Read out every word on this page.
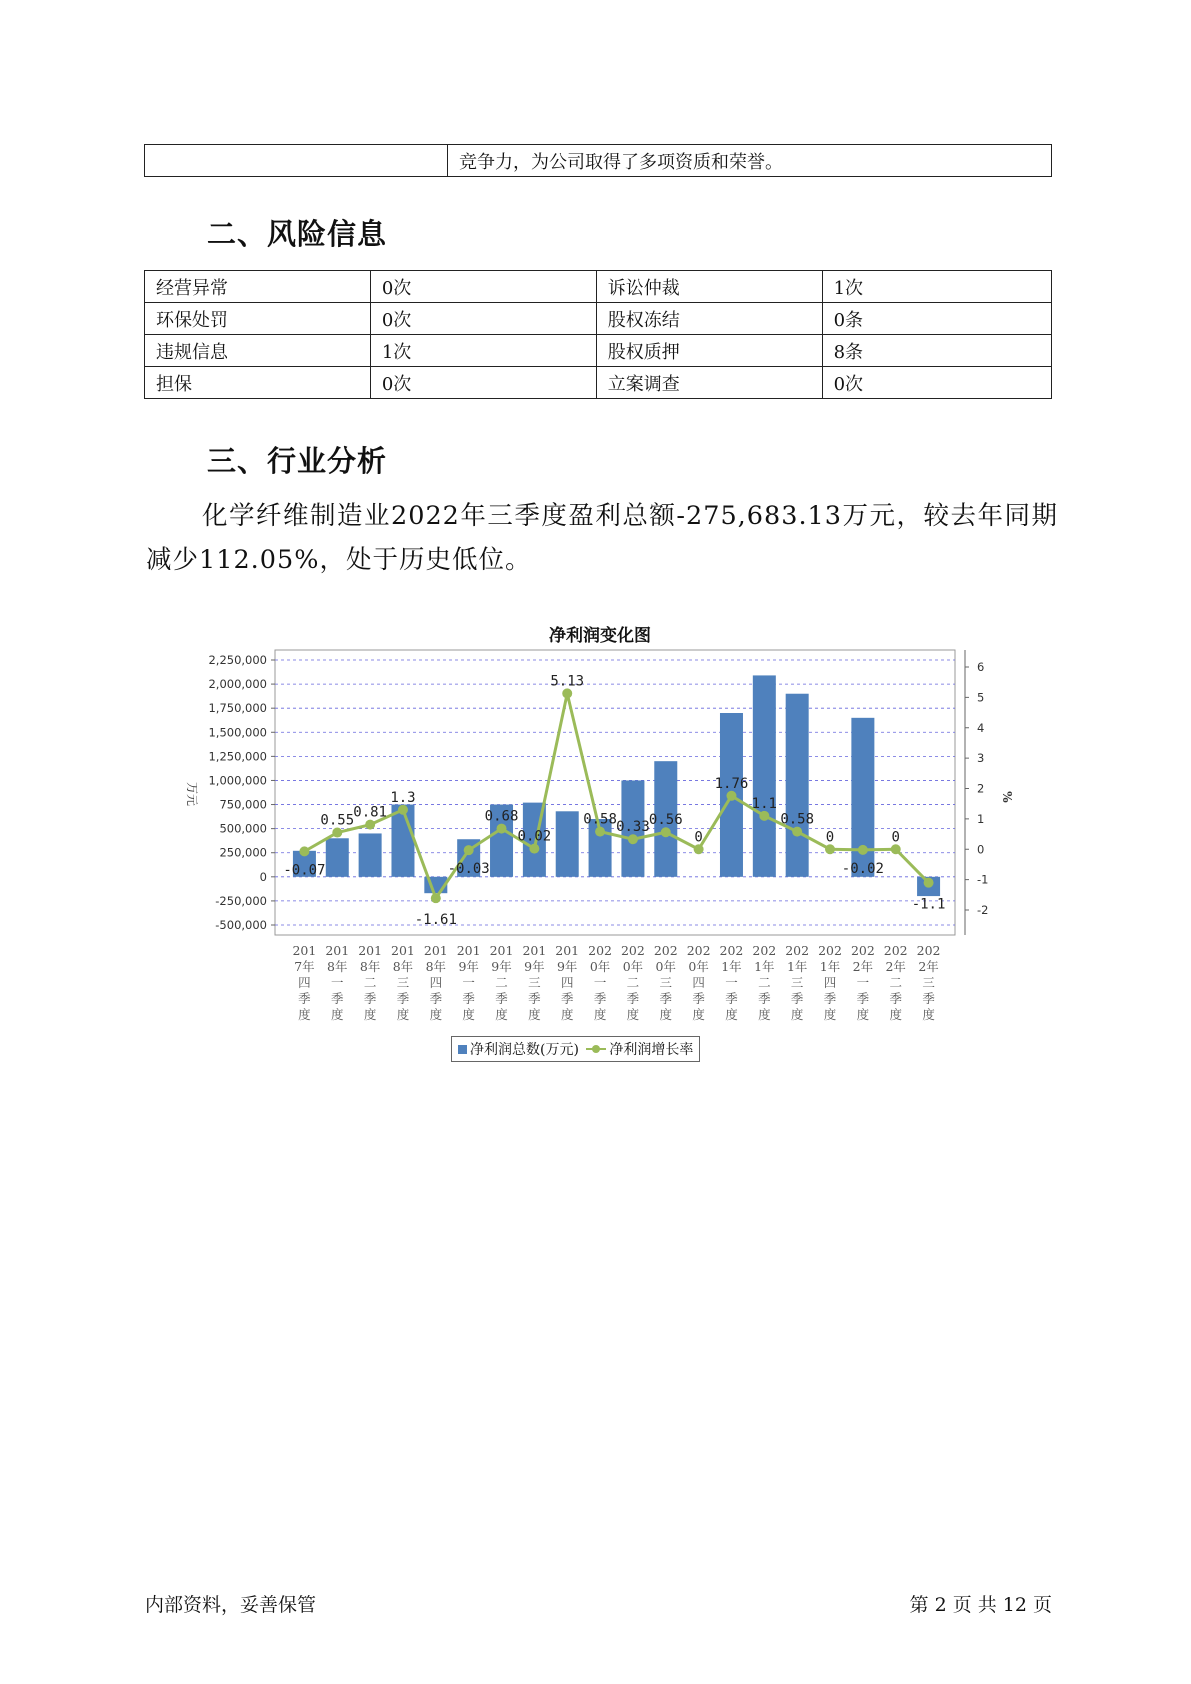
	竞争力，为公司取得了多项资质和荣誉。
二、风险信息
经营异常	0次	诉讼仲裁	1次
环保处罚	0次	股权冻结	0条
违规信息	1次	股权质押	8条
担保	0次	立案调查	0次
三、行业分析
化学纤维制造业2022年三季度盈利总额-275,683.13万元，较去年同期减少112.05%，处于历史低位。
净利润变化图
2,250,000
2,000,000
1,750,000
1,500,000
1,250,000
1,000,000
750,000
500,000
250,000
0
-250,000
-500,000
6
5
4
3
2
1
0
-1
-2
万元	%
-0.07
0.55 0.81
1.3
-1.61
-0.03
0.68
0.02
5.13
0.58 0.33 0.56
0
1.76
1.1
0.58
0
-0.02
0
-1.1
201
7年
四
季
度
201
8年
一
季
度
201
8年
二
季
度
201
8年
三
季
度
201
8年
四
季
度
201
9年
一
季
度
201
9年
二
季
度
201
9年
三
季
度
201
9年
四
季
度
202
0年
一
季
度
202
0年
二
季
度
202
0年
三
季
度
202
0年
四
季
度
202
1年
一
季
度
202
1年
二
季
度
202
1年
三
季
度
202
1年
四
季
度
202
2年
一
季
度
202
2年
二
季
度
202
2年
三
季
度
净利润总数(万元) 净利润增长率
内部资料，妥善保管	第 2 页 共 12 页
